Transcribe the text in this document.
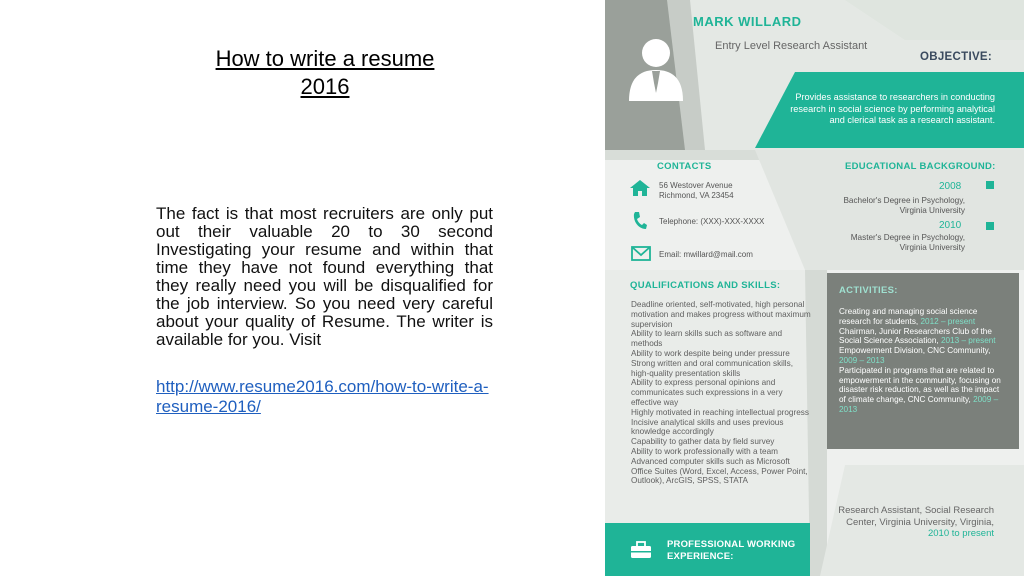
How to write a resume
2016
The fact is that most recruiters are only put out their valuable 20 to 30 second Investigating your resume and within that time they have not found everything that they really need you will be disqualified for the job interview. So you need very careful about your quality of Resume. The writer is available for you. Visit
http://www.resume2016.com/how-to-write-a-resume-2016/
MARK WILLARD
Entry Level Research Assistant
OBJECTIVE:
Provides assistance to researchers in conducting research in social science by performing analytical and clerical task as a research assistant.
CONTACTS
56 Westover Avenue
Richmond, VA 23454
Telephone: (XXX)-XXX-XXXX
Email: mwillard@mail.com
EDUCATIONAL BACKGROUND:
2008
Bachelor's Degree in Psychology,
Virginia University
2010
Master's Degree in Psychology,
Virginia University
QUALIFICATIONS AND SKILLS:
Deadline oriented, self-motivated, high personal motivation and makes progress without maximum supervision
Ability to learn skills such as software and methods
Ability to work despite being under pressure
Strong written and oral communication skills, high-quality presentation skills
Ability to express personal opinions and communicates such expressions in a very effective way
Highly motivated in reaching intellectual progress
Incisive analytical skills and uses previous knowledge accordingly
Capability to gather data by field survey
Ability to work professionally with a team
Advanced computer skills such as Microsoft Office Suites (Word, Excel, Access, Power Point, Outlook), ArcGIS, SPSS, STATA
ACTIVITIES:
Creating and managing social science research for students, 2012 – present
Chairman, Junior Researchers Club of the Social Science Association, 2013 – present
Empowerment Division, CNC Community, 2009 – 2013
Participated in programs that are related to empowerment in the community, focusing on disaster risk reduction, as well as the impact of climate change, CNC Community, 2009 – 2013
Research Assistant, Social Research
Center, Virginia University, Virginia,
2010 to present
PROFESSIONAL WORKING
EXPERIENCE:
